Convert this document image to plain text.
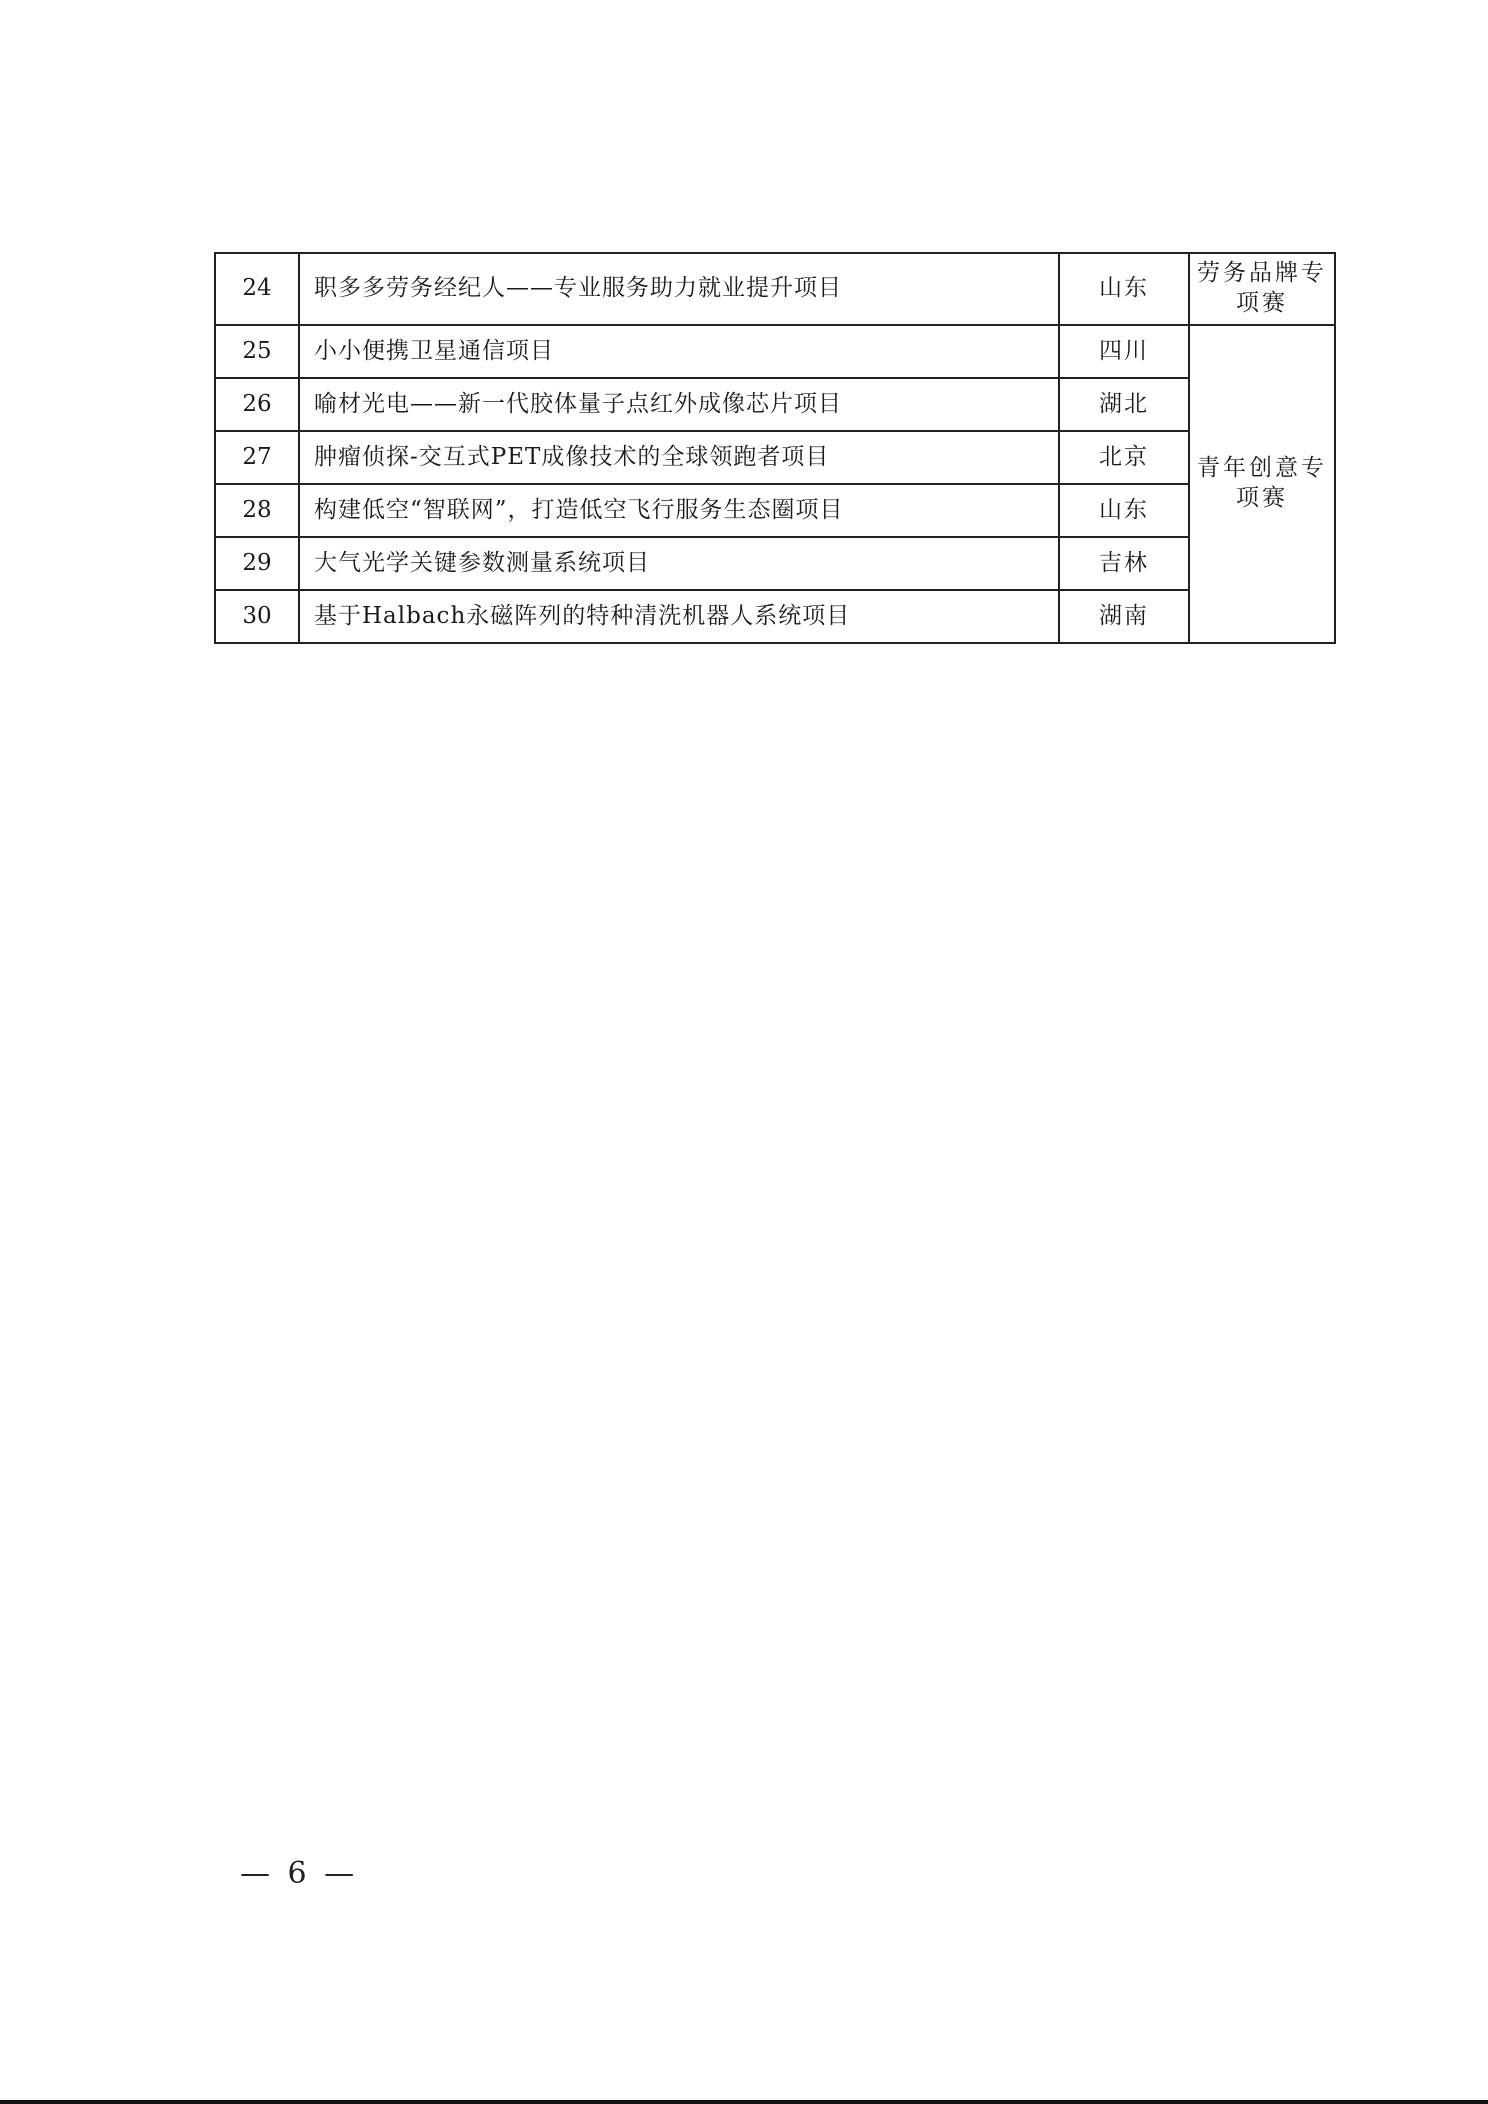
24	职多多劳务经纪人——专业服务助力就业提升项目	山东	劳务品牌专项赛
25	小小便携卫星通信项目	四川	青年创意专项赛
26	喻材光电——新一代胶体量子点红外成像芯片项目	湖北	
27	肿瘤侦探-交互式PET成像技术的全球领跑者项目	北京	
28	构建低空“智联网”，打造低空飞行服务生态圈项目	山东	
29	大气光学关键参数测量系统项目	吉林	
30	基于Halbach永磁阵列的特种清洗机器人系统项目	湖南	
— 6 —
